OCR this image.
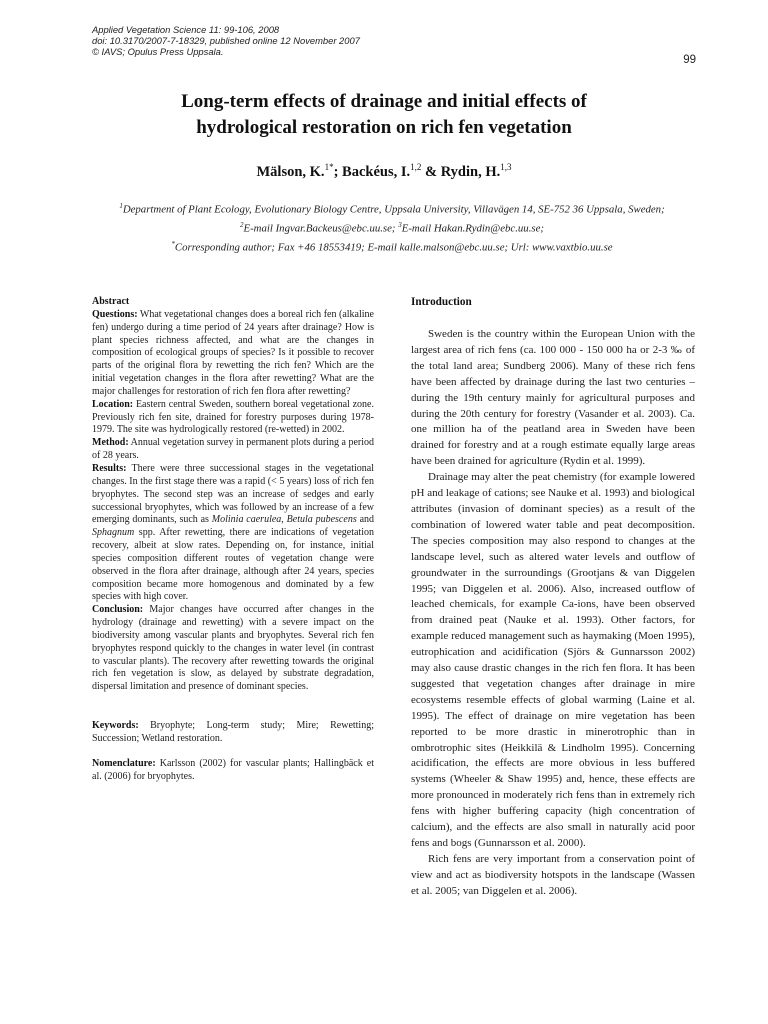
Applied Vegetation Science 11: 99-106, 2008
doi: 10.3170/2007-7-18329, published online 12 November 2007
© IAVS; Opulus Press Uppsala.
99
Long-term effects of drainage and initial effects of
hydrological restoration on rich fen vegetation
Mälson, K.$^{1*}$; Backéus, I.$^{1,2}$ & Rydin, H.$^{1,3}$
$^1$Department of Plant Ecology, Evolutionary Biology Centre, Uppsala University, Villavägen 14, SE-752 36 Uppsala, Sweden;
$^2$E-mail Ingvar.Backeus@ebc.uu.se; $^3$E-mail Hakan.Rydin@ebc.uu.se;
*Corresponding author; Fax +46 18553419; E-mail kalle.malson@ebc.uu.se; Url: www.vaxtbio.uu.se

Abstract

Questions: What vegetational changes does a boreal rich fen (alkaline fen) undergo during a time period of 24 years after drainage? How is plant species richness affected, and what are the changes in composition of ecological groups of species? Is it possible to recover parts of the original flora by rewetting the rich fen? Which are the initial vegetation changes in the flora after rewetting? What are the major challenges for restoration of rich fen flora after rewetting?

Location: Eastern central Sweden, southern boreal vegetational zone. Previously rich fen site, drained for forestry purposes during 1978-1979. The site was hydrologically restored (re-wetted) in 2002.

Method: Annual vegetation survey in permanent plots during a period of 28 years.

Results: There were three successional stages in the vegetational changes. In the first stage there was a rapid (< 5 years) loss of rich fen bryophytes. The second step was an increase of sedges and early successional bryophytes, which was followed by an increase of a few emerging dominants, such as Molinia caerulea, Betula pubescens and Sphagnum spp. After rewetting, there are indications of vegetation recovery, albeit at slow rates. Depending on, for instance, initial species composition different routes of vegetation change were observed in the flora after drainage, although after 24 years, species composition became more homogenous and dominated by a few species with high cover.

Conclusion: Major changes have occurred after changes in the hydrology (drainage and rewetting) with a severe impact on the biodiversity among vascular plants and bryophytes. Several rich fen bryophytes respond quickly to the changes in water level (in contrast to vascular plants). The recovery after rewetting towards the original rich fen vegetation is slow, as delayed by substrate degradation, dispersal limitation and presence of dominant species.

Keywords: Bryophyte; Long-term study; Mire; Rewetting; Succession; Wetland restoration.

Nomenclature: Karlsson (2002) for vascular plants; Hallingbäck et al. (2006) for bryophytes.

Introduction

Sweden is the country within the European Union with the largest area of rich fens (ca. 100 000 - 150 000 ha or 2-3 ‰ of the total land area; Sundberg 2006). Many of these rich fens have been affected by drainage during the last two centuries – during the 19th century mainly for agricultural purposes and during the 20th century for forestry (Vasander et al. 2003). Ca. one million ha of the peatland area in Sweden have been drained for forestry and at a rough estimate equally large areas have been drained for agriculture (Rydin et al. 1999).

Drainage may alter the peat chemistry (for example lowered pH and leakage of cations; see Nauke et al. 1993) and biological attributes (invasion of dominant species) as a result of the combination of lowered water table and peat decomposition. The species composition may also respond to changes at the landscape level, such as altered water levels and outflow of groundwater in the surroundings (Grootjans & van Diggelen 1995; van Diggelen et al. 2006). Also, increased outflow of leached chemicals, for example Ca-ions, have been observed from drained peat (Nauke et al. 1993). Other factors, for example reduced management such as haymaking (Moen 1995), eutrophication and acidification (Sjörs & Gunnarsson 2002) may also cause drastic changes in the rich fen flora. It has been suggested that vegetation changes after drainage in mire ecosystems resemble effects of global warming (Laine et al. 1995). The effect of drainage on mire vegetation has been reported to be more drastic in minerotrophic than in ombrotrophic sites (Heikkilä & Lindholm 1995). Concerning acidification, the effects are more obvious in less buffered systems (Wheeler & Shaw 1995) and, hence, these effects are more pronounced in moderately rich fens than in extremely rich fens with higher buffering capacity (high concentration of calcium), and the effects are also small in naturally acid poor fens and bogs (Gunnarsson et al. 2000).

Rich fens are very important from a conservation point of view and act as biodiversity hotspots in the landscape (Wassen et al. 2005; van Diggelen et al. 2006).
